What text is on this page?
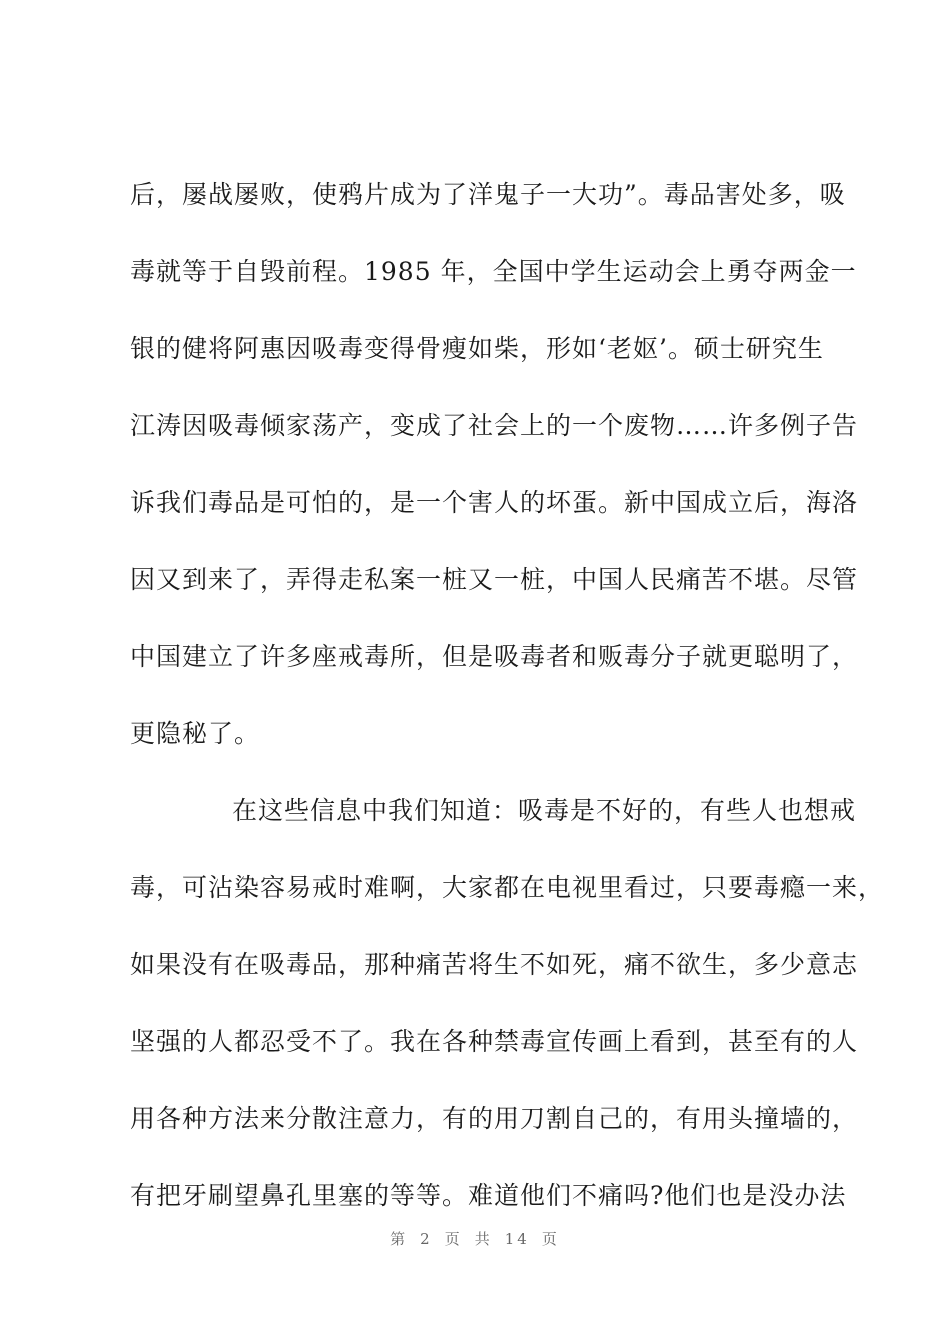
后，屡战屡败，使鸦片成为了洋鬼子一大功”。毒品害处多，吸
毒就等于自毁前程。1985 年，全国中学生运动会上勇夺两金一
银的健将阿惠因吸毒变得骨瘦如柴，形如‘老妪’。硕士研究生
江涛因吸毒倾家荡产，变成了社会上的一个废物……许多例子告
诉我们毒品是可怕的，是一个害人的坏蛋。新中国成立后，海洛
因又到来了，弄得走私案一桩又一桩，中国人民痛苦不堪。尽管
中国建立了许多座戒毒所，但是吸毒者和贩毒分子就更聪明了，
更隐秘了。
在这些信息中我们知道：吸毒是不好的，有些人也想戒
毒，可沾染容易戒时难啊，大家都在电视里看过，只要毒瘾一来，
如果没有在吸毒品，那种痛苦将生不如死，痛不欲生，多少意志
坚强的人都忍受不了。我在各种禁毒宣传画上看到，甚至有的人
用各种方法来分散注意力，有的用刀割自己的，有用头撞墙的，
有把牙刷望鼻孔里塞的等等。难道他们不痛吗?他们也是没办法
第 2 页 共 14 页
